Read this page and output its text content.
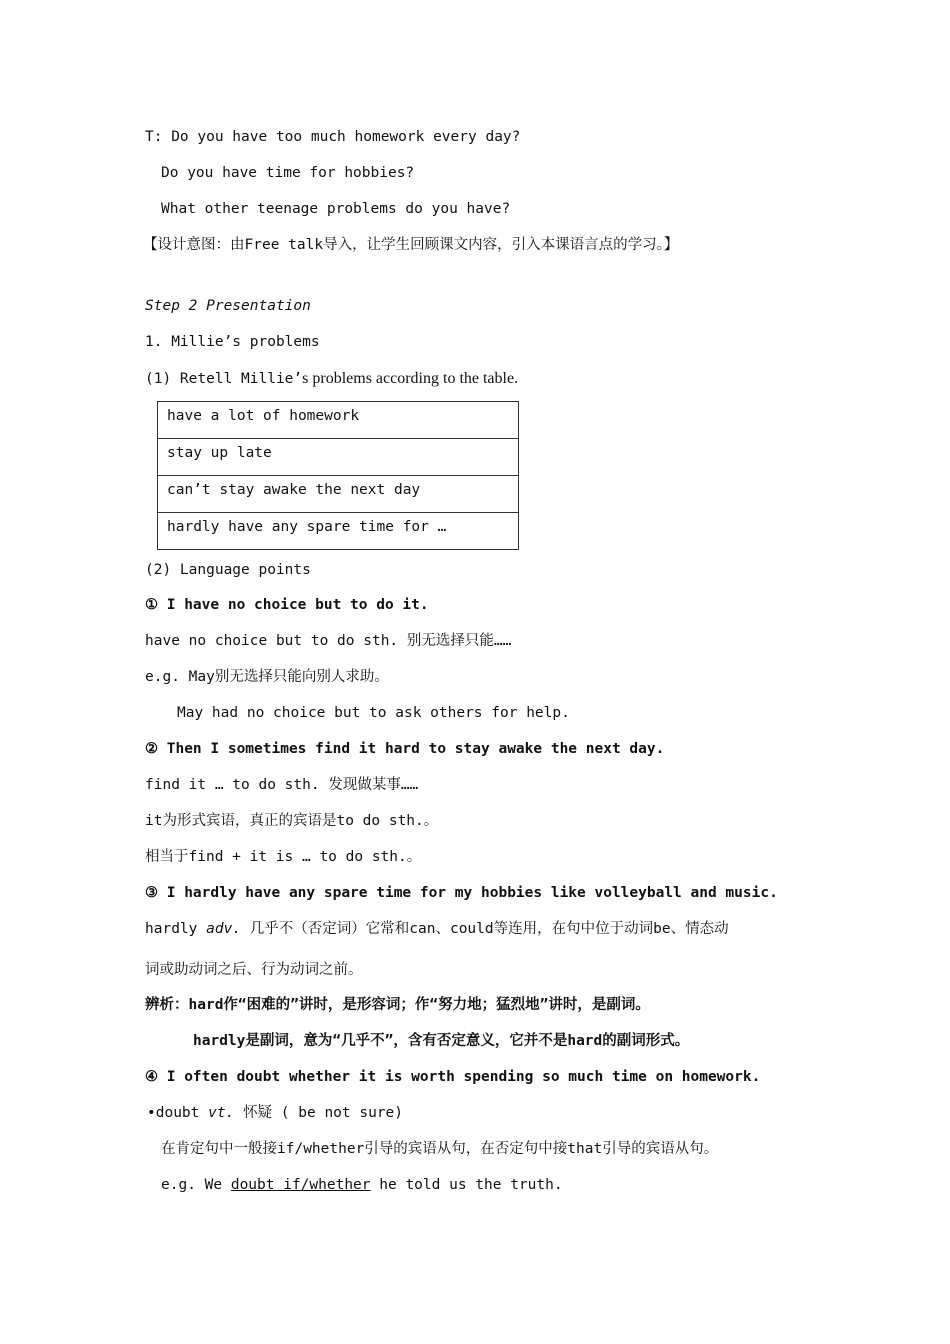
T: Do you have too much homework every day?
Do you have time for hobbies?
What other teenage problems do you have?
【设计意图：由Free talk导入，让学生回顾课文内容，引入本课语言点的学习。】
Step 2 Presentation
1. Millie’s problems
(1) Retell Millie’s problems according to the table.
have a lot of homework
stay up late
can’t stay awake the next day
hardly have any spare time for …
(2) Language points
① I have no choice but to do it.
have no choice but to do sth. 别无选择只能……
e.g. May别无选择只能向别人求助。
May had no choice but to ask others for help.
② Then I sometimes find it hard to stay awake the next day.
find it … to do sth. 发现做某事……
it为形式宾语，真正的宾语是to do sth.。
相当于find + it is … to do sth.。
③ I hardly have any spare time for my hobbies like volleyball and music.
hardly adv. 几乎不（否定词）它常和can、could等连用，在句中位于动词be、情态动
词或助动词之后、行为动词之前。
辨析：hard作“困难的”讲时，是形容词；作“努力地；猛烈地”讲时，是副词。
hardly是副词，意为“几乎不”，含有否定意义，它并不是hard的副词形式。
④ I often doubt whether it is worth spending so much time on homework.
•doubt vt. 怀疑 ( be not sure)
在肯定句中一般接if/whether引导的宾语从句，在否定句中接that引导的宾语从句。
e.g. We doubt if/whether he told us the truth.
